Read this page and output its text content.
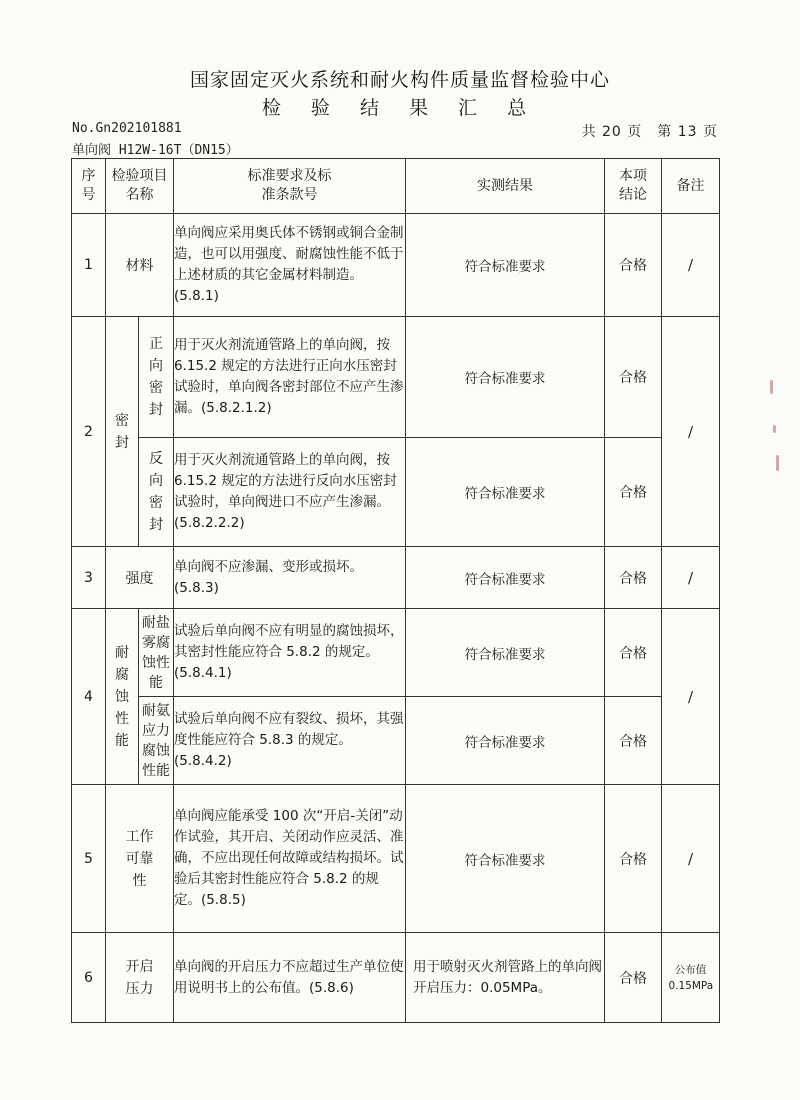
国家固定灭火系统和耐火构件质量监督检验中心
检 验 结 果 汇 总
No.Gn202101881	共 20 页　第 13 页
单向阀 H12W-16T（DN15）
序号	检验项目名称		标准要求及标准条款号	实测结果	本项结论	备注
1	材料		单向阀应采用奥氏体不锈钢或铜合金制造，也可以用强度、耐腐蚀性能不低于上述材质的其它金属材料制造。(5.8.1)	符合标准要求	合格	/
2	密封	正向密封	用于灭火剂流通管路上的单向阀，按 6.15.2 规定的方法进行正向水压密封试验时，单向阀各密封部位不应产生渗漏。(5.8.2.1.2)	符合标准要求	合格	/

		反向密封	用于灭火剂流通管路上的单向阀，按 6.15.2 规定的方法进行反向水压密封试验时，单向阀进口不应产生渗漏。(5.8.2.2.2)	符合标准要求	合格	
3	强度		单向阀不应渗漏、变形或损坏。(5.8.3)	符合标准要求	合格	/
4	耐腐蚀性能	耐盐雾腐蚀性能	试验后单向阀不应有明显的腐蚀损坏，其密封性能应符合 5.8.2 的规定。(5.8.4.1)	符合标准要求	合格	/

		耐氨应力腐蚀性能	试验后单向阀不应有裂纹、损坏，其强度性能应符合 5.8.3 的规定。(5.8.4.2)	符合标准要求	合格	
5	工作可靠性		单向阀应能承受 100 次“开启-关闭”动作试验，其开启、关闭动作应灵活、准确，不应出现任何故障或结构损坏。试验后其密封性能应符合 5.8.2 的规定。(5.8.5)	符合标准要求	合格	/
6	开启压力		单向阀的开启压力不应超过生产单位使用说明书上的公布值。(5.8.6)	用于喷射灭火剂管路上的单向阀开启压力：0.05MPa。	合格	公布值 0.15MPa
